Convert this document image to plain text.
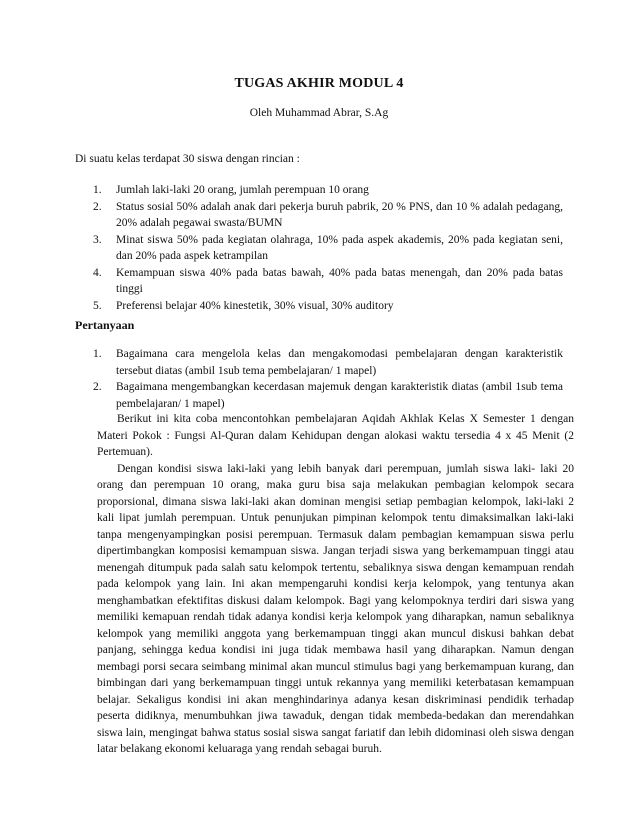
TUGAS AKHIR MODUL 4
Oleh Muhammad Abrar, S.Ag
Di suatu kelas terdapat 30 siswa dengan rincian :
1. Jumlah laki-laki 20 orang, jumlah perempuan 10 orang
2. Status sosial 50% adalah anak dari pekerja buruh pabrik, 20 % PNS, dan 10 % adalah pedagang, 20% adalah pegawai swasta/BUMN
3. Minat siswa 50% pada kegiatan olahraga, 10% pada aspek akademis, 20% pada kegiatan seni, dan 20% pada aspek ketrampilan
4. Kemampuan siswa 40% pada batas bawah, 40% pada batas menengah, dan 20% pada batas tinggi
5. Preferensi belajar 40% kinestetik, 30% visual, 30% auditory
Pertanyaan
1. Bagaimana cara mengelola kelas dan mengakomodasi pembelajaran dengan karakteristik tersebut diatas (ambil 1sub tema pembelajaran/ 1 mapel)
2. Bagaimana mengembangkan kecerdasan majemuk dengan karakteristik diatas (ambil 1sub tema pembelajaran/ 1 mapel)

Berikut ini kita coba mencontohkan pembelajaran Aqidah Akhlak Kelas X Semester 1 dengan Materi Pokok : Fungsi Al-Quran dalam Kehidupan dengan alokasi waktu tersedia 4 x 45 Menit (2 Pertemuan).

Dengan kondisi siswa laki-laki yang lebih banyak dari perempuan, jumlah siswa laki- laki 20 orang dan perempuan 10 orang, maka guru bisa saja melakukan pembagian kelompok secara proporsional, dimana siswa laki-laki akan dominan mengisi setiap pembagian kelompok, laki-laki 2 kali lipat jumlah perempuan. Untuk penunjukan pimpinan kelompok tentu dimaksimalkan laki-laki tanpa mengenyampingkan posisi perempuan. Termasuk dalam pembagian kemampuan siswa perlu dipertimbangkan komposisi kemampuan siswa. Jangan terjadi siswa yang berkemampuan tinggi atau menengah ditumpuk pada salah satu kelompok tertentu, sebaliknya siswa dengan kemampuan rendah pada kelompok yang lain. Ini akan mempengaruhi kondisi kerja kelompok, yang tentunya akan menghambatkan efektifitas diskusi dalam kelompok. Bagi yang kelompoknya terdiri dari siswa yang memiliki kemapuan rendah tidak adanya kondisi kerja kelompok yang diharapkan, namun sebaliknya kelompok yang memiliki anggota yang berkemampuan tinggi akan muncul diskusi bahkan debat panjang, sehingga kedua kondisi ini juga tidak membawa hasil yang diharapkan. Namun dengan membagi porsi secara seimbang minimal akan muncul stimulus bagi yang berkemampuan kurang, dan bimbingan dari yang berkemampuan tinggi untuk rekannya yang memiliki keterbatasan kemampuan belajar. Sekaligus kondisi ini akan menghindarinya adanya kesan diskriminasi pendidik terhadap peserta didiknya, menumbuhkan jiwa tawaduk, dengan tidak membeda-bedakan dan merendahkan siswa lain, mengingat bahwa status sosial siswa sangat fariatif dan lebih didominasi oleh siswa dengan latar belakang ekonomi keluaraga yang rendah sebagai buruh.
